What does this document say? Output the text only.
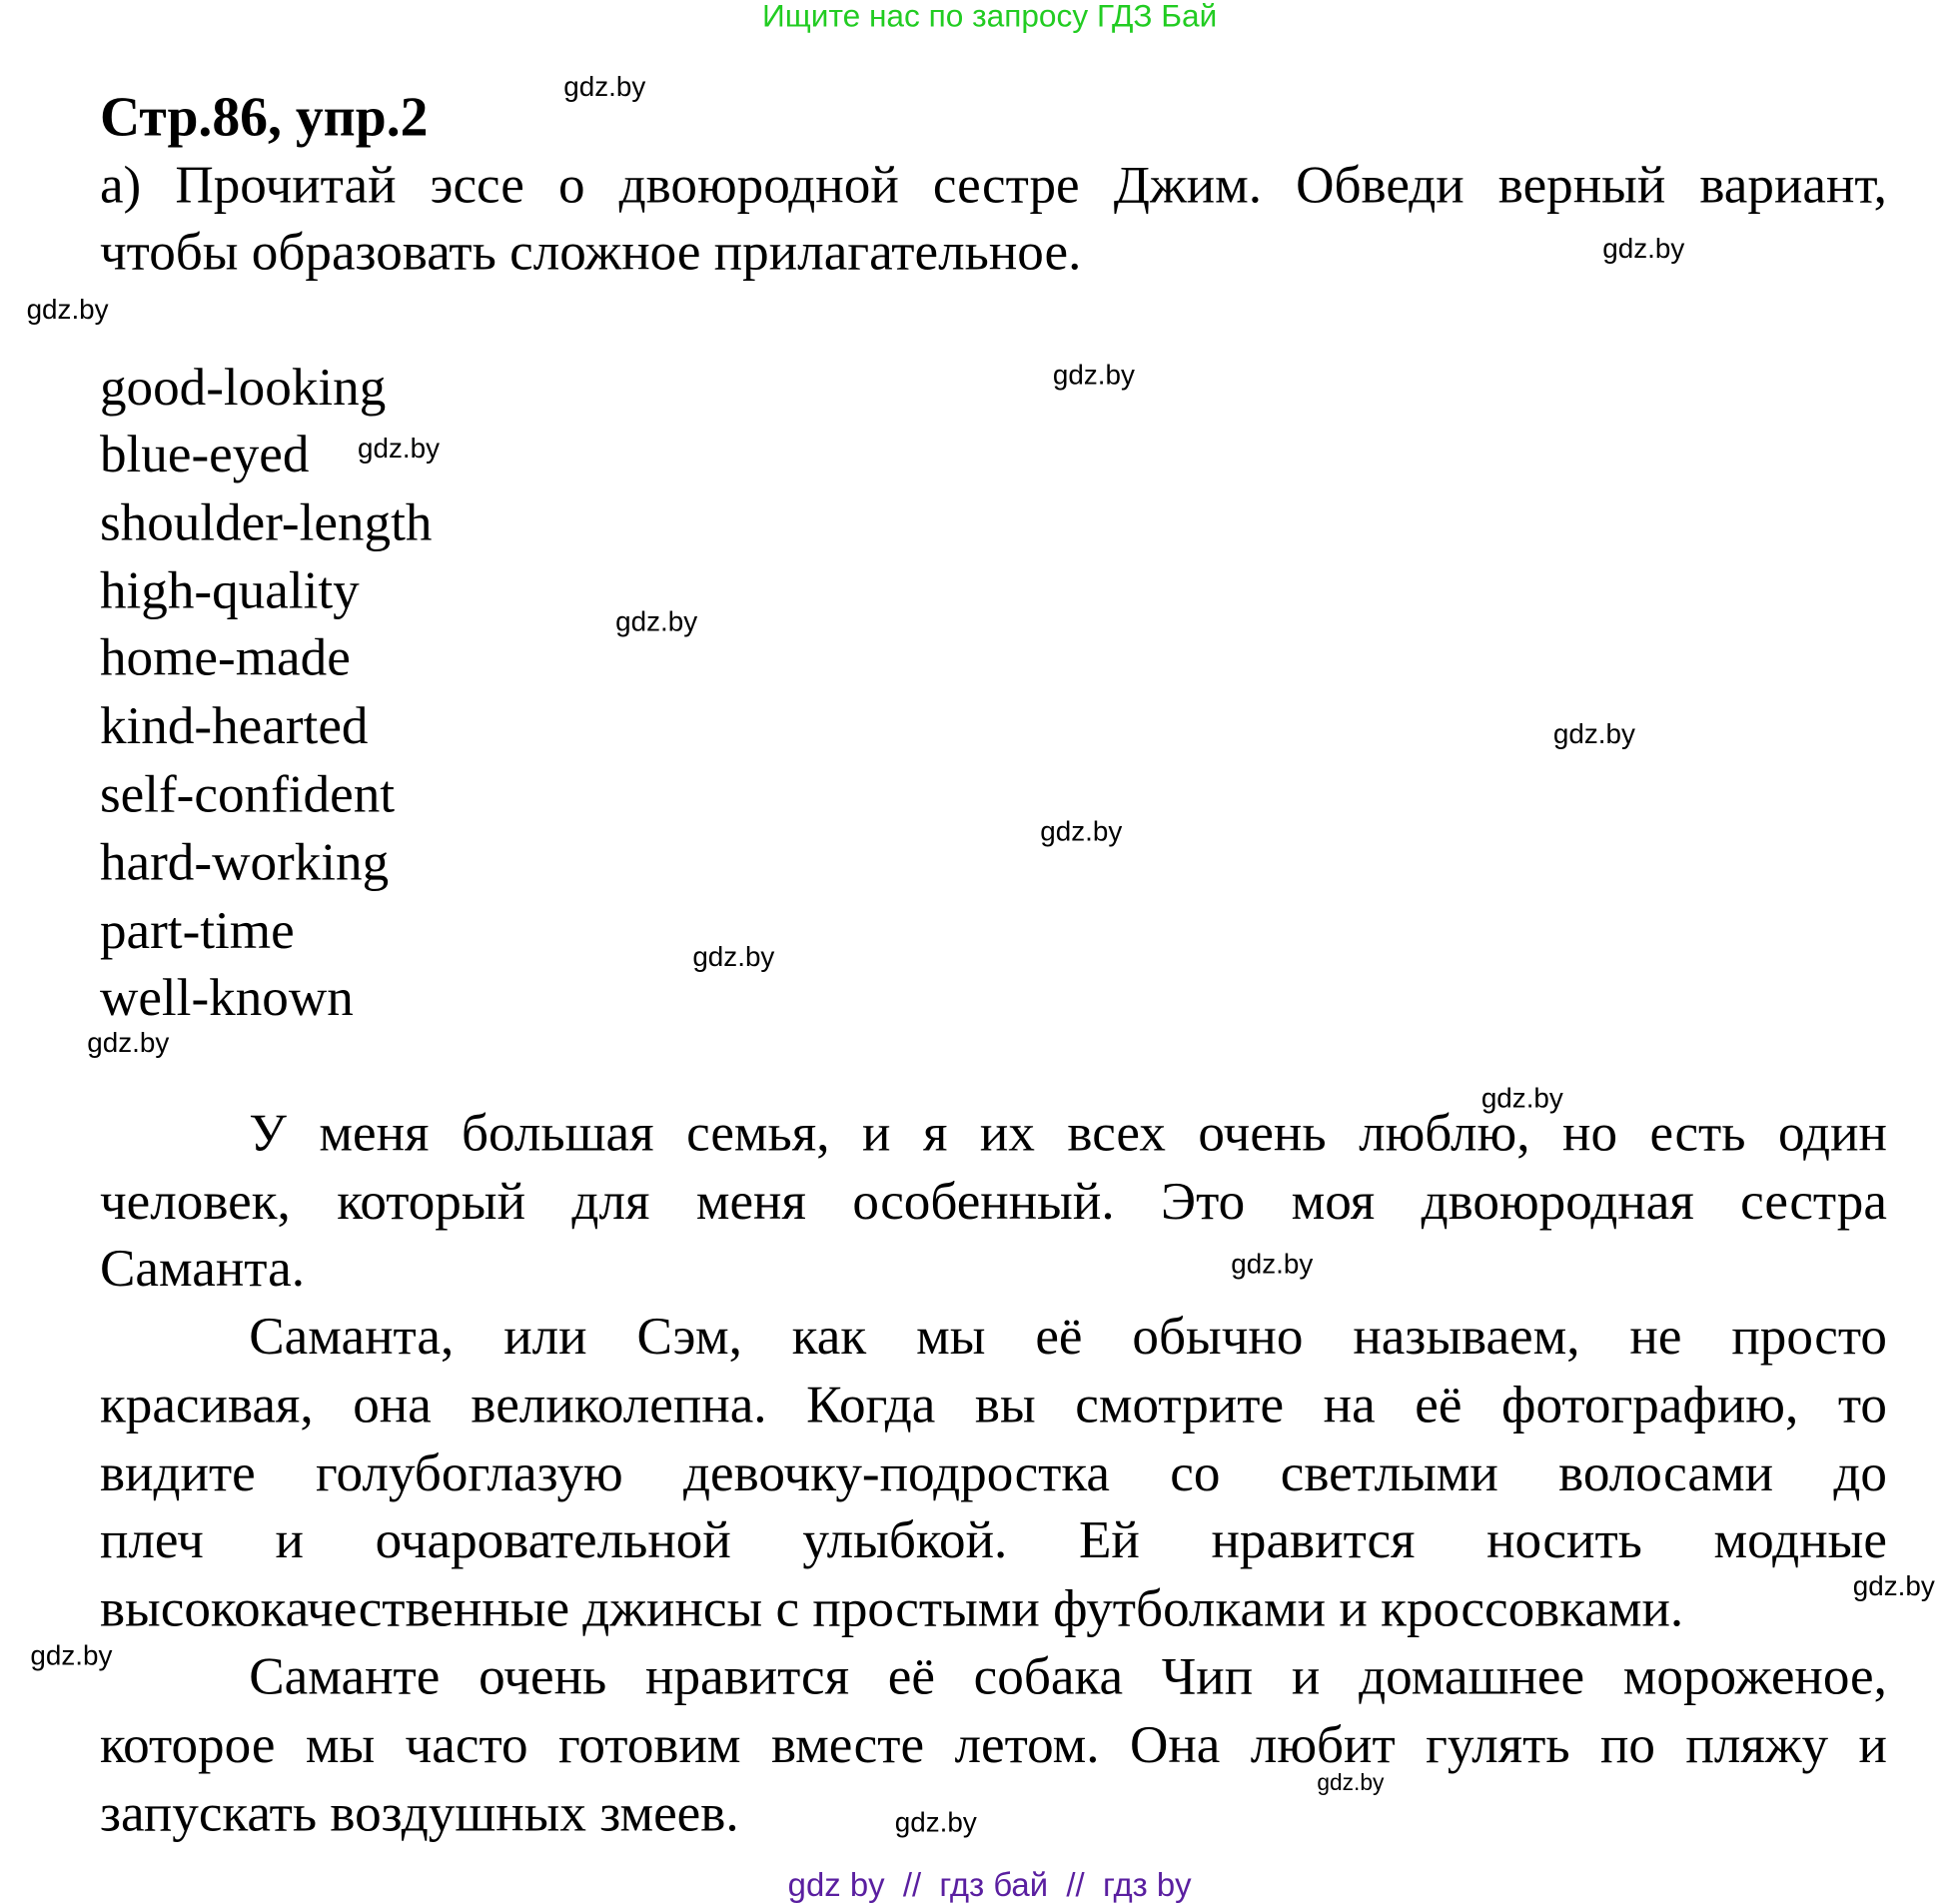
Ищите нас по запросу ГДЗ Бай
Стр.86, упр.2
а) Прочитай эссе о двоюродной сестре Джим. Обведи верный вариант,
чтобы образовать сложное прилагательное.
good-looking
blue-eyed
shoulder-length
high-quality
home-made
kind-hearted
self-confident
hard-working
part-time
well-known
У меня большая семья, и я их всех очень люблю, но есть один
человек, который для меня особенный. Это моя двоюродная сестра
Саманта.
Саманта, или Сэм, как мы её обычно называем, не просто
красивая, она великолепна. Когда вы смотрите на её фотографию, то
видите голубоглазую девочку-подростка со светлыми волосами до
плеч и очаровательной улыбкой. Ей нравится носить модные
высококачественные джинсы с простыми футболками и кроссовками.
Саманте очень нравится её собака Чип и домашнее мороженое,
которое мы часто готовим вместе летом. Она любит гулять по пляжу и
запускать воздушных змеев.
gdz.by
gdz.by
gdz.by
gdz.by
gdz.by
gdz.by
gdz.by
gdz.by
gdz.by
gdz.by
gdz.by
gdz.by
gdz.by
gdz.by
gdz.by
gdz.by
gdz by  //  гдз бай  //  гдз by
